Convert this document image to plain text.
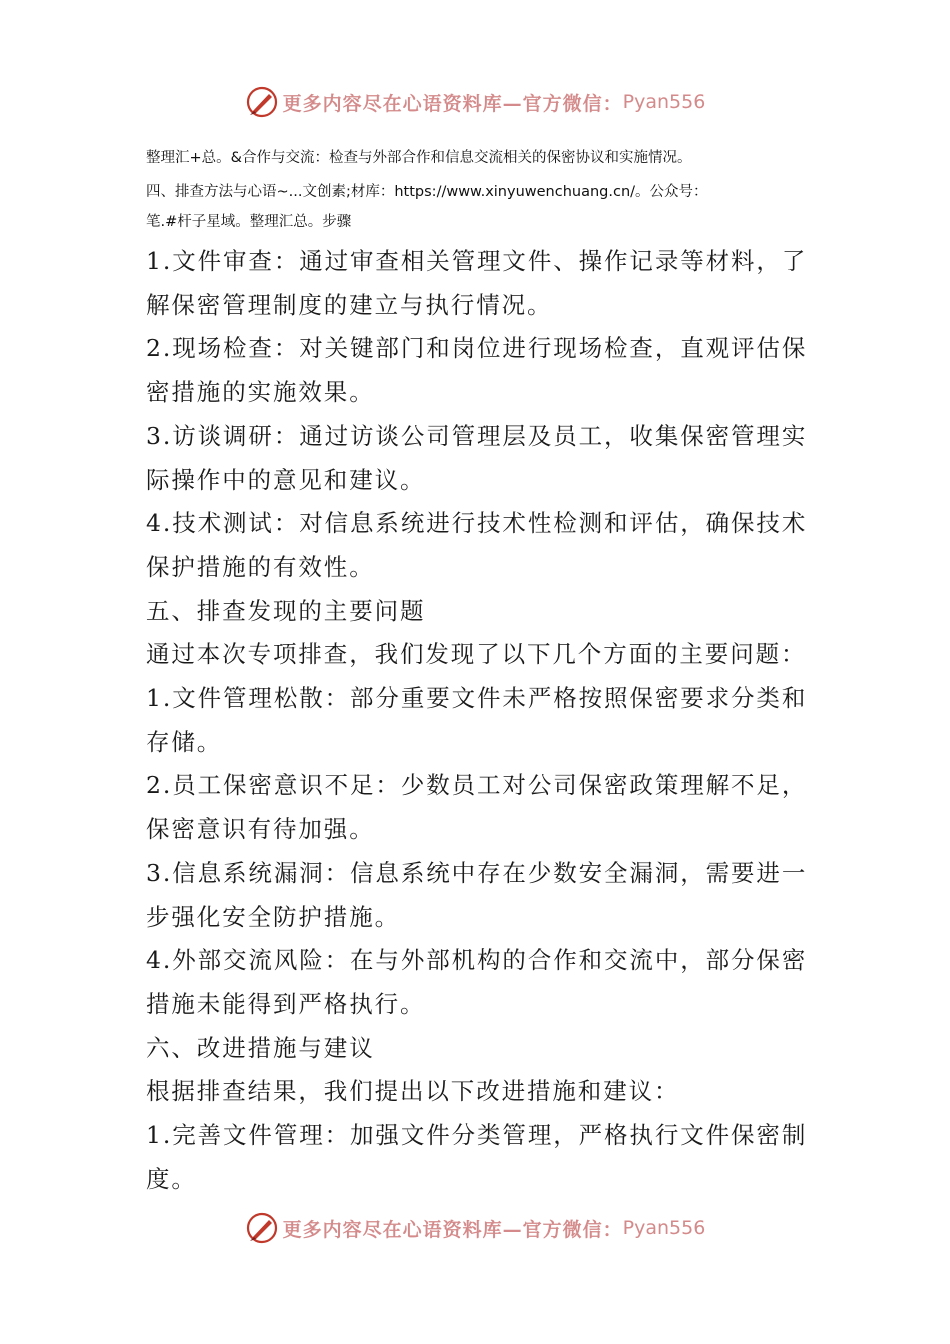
更多内容尽在心语资料库—官方微信： Pyan556
整理汇+总。&合作与交流：检查与外部合作和信息交流相关的保密协议和实施情况。
四、排查方法与心语~...文创素;材库：https://www.xinyuwenchuang.cn/。公众号：
笔.#杆子星域。整理汇总。步骤

1.文件审查：通过审查相关管理文件、操作记录等材料，了

解保密管理制度的建立与执行情况。

2.现场检查：对关键部门和岗位进行现场检查，直观评估保

密措施的实施效果。

3.访谈调研：通过访谈公司管理层及员工，收集保密管理实

际操作中的意见和建议。

4.技术测试：对信息系统进行技术性检测和评估，确保技术

保护措施的有效性。

五、排查发现的主要问题

通过本次专项排查，我们发现了以下几个方面的主要问题：

1.文件管理松散：部分重要文件未严格按照保密要求分类和

存储。

2.员工保密意识不足：少数员工对公司保密政策理解不足，

保密意识有待加强。

3.信息系统漏洞：信息系统中存在少数安全漏洞，需要进一

步强化安全防护措施。

4.外部交流风险：在与外部机构的合作和交流中，部分保密

措施未能得到严格执行。

六、改进措施与建议

根据排查结果，我们提出以下改进措施和建议：

1.完善文件管理：加强文件分类管理，严格执行文件保密制

度。

更多内容尽在心语资料库—官方微信： Pyan556
